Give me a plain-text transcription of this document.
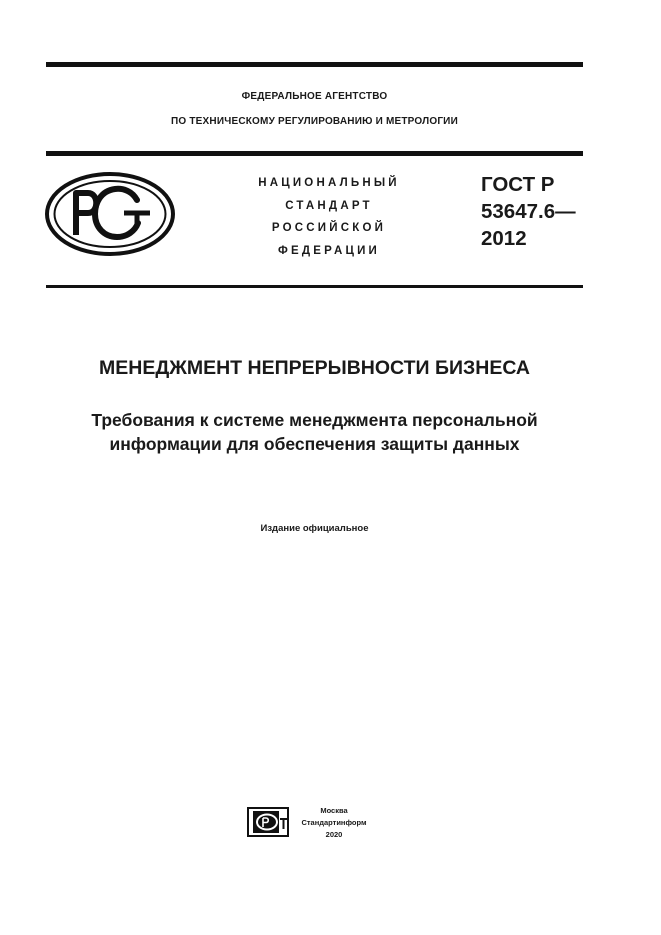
ФЕДЕРАЛЬНОЕ АГЕНТСТВО
ПО ТЕХНИЧЕСКОМУ РЕГУЛИРОВАНИЮ И МЕТРОЛОГИИ
НАЦИОНАЛЬНЫЙ
СТАНДАРТ
РОССИЙСКОЙ
ФЕДЕРАЦИИ
ГОСТ Р
53647.6—
2012
МЕНЕДЖМЕНТ НЕПРЕРЫВНОСТИ БИЗНЕСА
Требования к системе менеджмента персональной
информации для обеспечения защиты данных
Издание официальное
Москва
Стандартинформ
2020
